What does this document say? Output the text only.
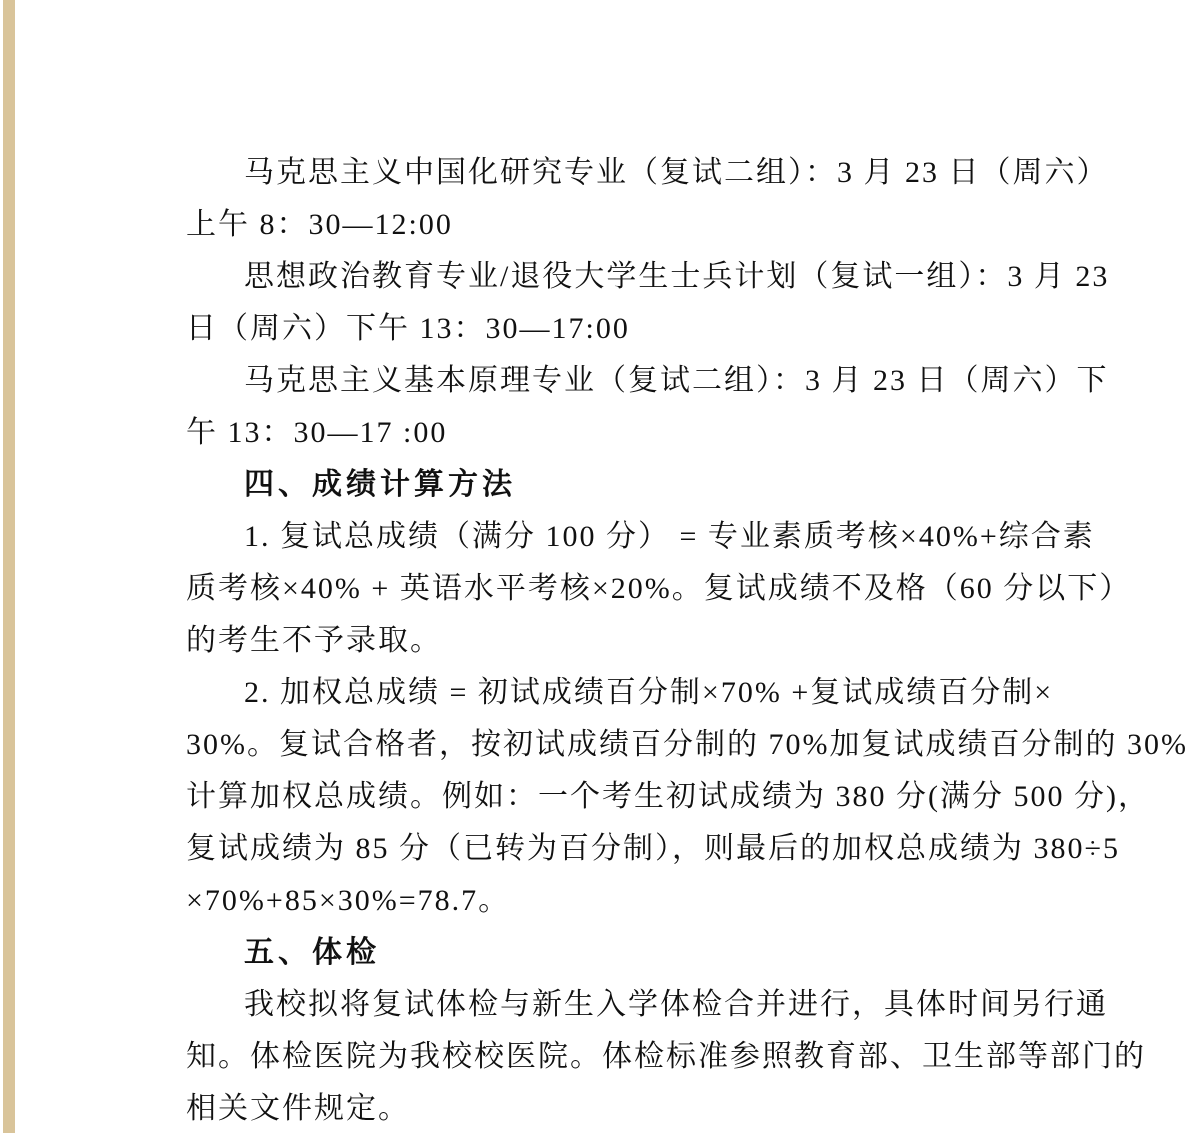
马克思主义中国化研究专业（复试二组）：3 月 23 日（周六）
上午 8：30—12:00
思想政治教育专业/退役大学生士兵计划（复试一组）：3 月 23
日（周六）下午 13：30—17:00
马克思主义基本原理专业（复试二组）：3 月 23 日（周六）下
午 13：30—17 :00
四、成绩计算方法
1. 复试总成绩（满分 100 分） = 专业素质考核×40%+综合素
质考核×40% + 英语水平考核×20%。复试成绩不及格（60 分以下）
的考生不予录取。
2. 加权总成绩 = 初试成绩百分制×70% +复试成绩百分制×
30%。复试合格者，按初试成绩百分制的 70%加复试成绩百分制的 30%
计算加权总成绩。例如：一个考生初试成绩为 380 分(满分 500 分)，
复试成绩为 85 分（已转为百分制），则最后的加权总成绩为 380÷5
×70%+85×30%=78.7。
五、体检
我校拟将复试体检与新生入学体检合并进行，具体时间另行通
知。体检医院为我校校医院。体检标准参照教育部、卫生部等部门的
相关文件规定。
